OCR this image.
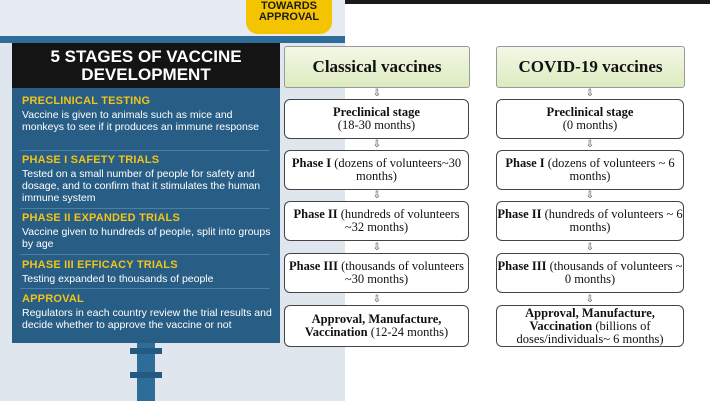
TOWARDS
APPROVAL
5 STAGES OF VACCINE
DEVELOPMENT
PRECLINICAL TESTING
Vaccine is given to animals such as mice and monkeys to see if it produces an immune response
PHASE I SAFETY TRIALS
Tested on a small number of people for safety and dosage, and to confirm that it stimulates the human immune system
PHASE II EXPANDED TRIALS
Vaccine given to hundreds of people, split into groups by age
PHASE III EFFICACY TRIALS
Testing expanded to thousands of people
APPROVAL
Regulators in each country review the trial results and decide whether to approve the vaccine or not
Classical vaccines
⇩
Preclinical stage
(18-30 months)
⇩
Phase I (dozens of volunteers~30 months)
⇩
Phase II (hundreds of volunteers ~32 months)
⇩
Phase III (thousands of volunteers ~30 months)
⇩
Approval, Manufacture, Vaccination (12-24 months)
COVID-19 vaccines
⇩
Preclinical stage
(0 months)
⇩
Phase I (dozens of volunteers ~ 6 months)
⇩
Phase II (hundreds of volunteers ~ 6 months)
⇩
Phase III (thousands of volunteers ~ 0 months)
⇩
Approval, Manufacture, Vaccination (billions of doses/individuals~ 6 months)
